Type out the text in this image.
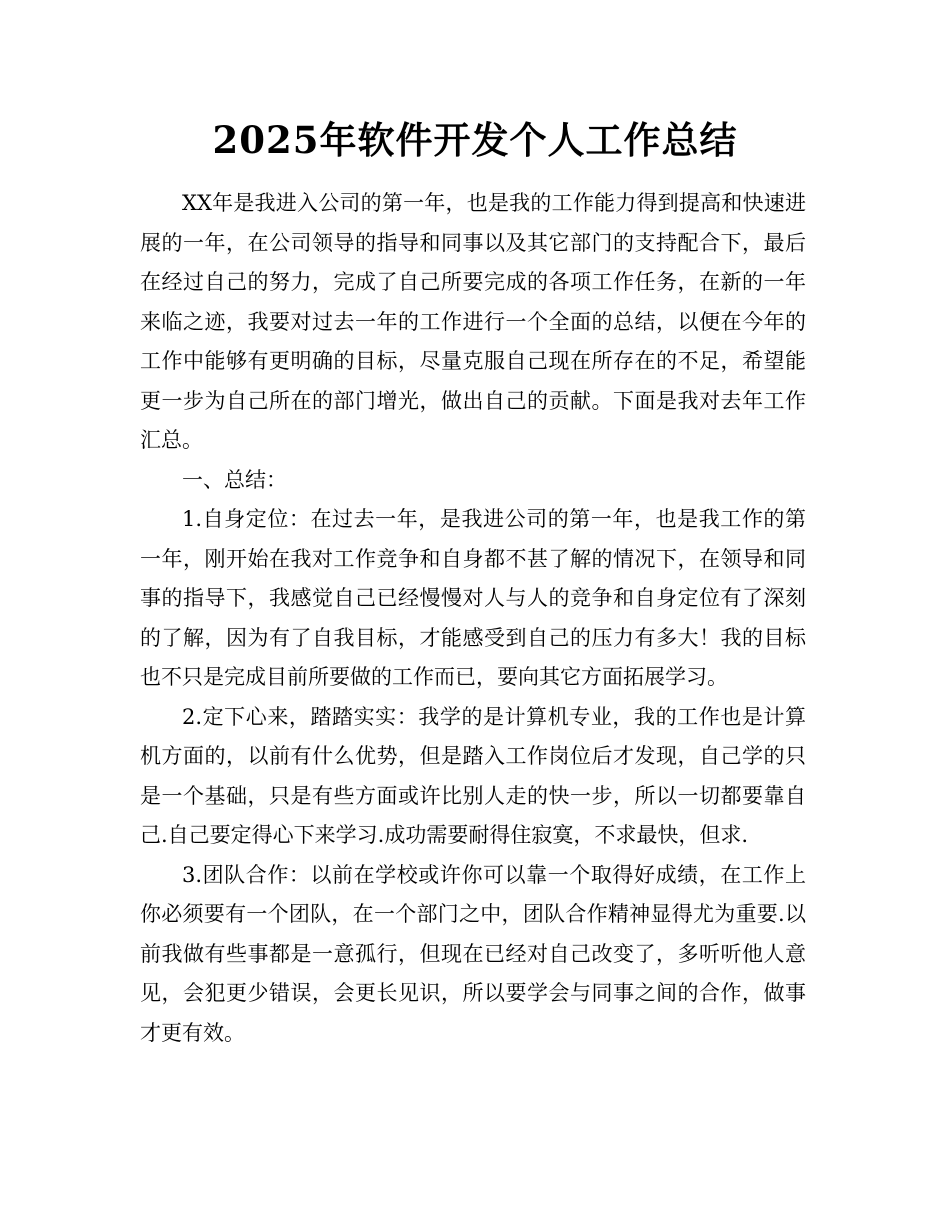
2025年软件开发个人工作总结

XX年是我进入公司的第一年，也是我的工作能力得到提高和快速进展的一年，在公司领导的指导和同事以及其它部门的支持配合下，最后在经过自己的努力，完成了自己所要完成的各项工作任务，在新的一年来临之迹，我要对过去一年的工作进行一个全面的总结，以便在今年的工作中能够有更明确的目标，尽量克服自己现在所存在的不足，希望能更一步为自己所在的部门增光，做出自己的贡献。下面是我对去年工作汇总。

一、总结：

1.自身定位：在过去一年，是我进公司的第一年，也是我工作的第一年，刚开始在我对工作竞争和自身都不甚了解的情况下，在领导和同事的指导下，我感觉自己已经慢慢对人与人的竞争和自身定位有了深刻的了解，因为有了自我目标，才能感受到自己的压力有多大！我的目标也不只是完成目前所要做的工作而已，要向其它方面拓展学习。

2.定下心来，踏踏实实：我学的是计算机专业，我的工作也是计算机方面的，以前有什么优势，但是踏入工作岗位后才发现，自己学的只是一个基础，只是有些方面或许比别人走的快一步，所以一切都要靠自己.自己要定得心下来学习.成功需要耐得住寂寞，不求最快，但求.

3.团队合作：以前在学校或许你可以靠一个取得好成绩，在工作上你必须要有一个团队，在一个部门之中，团队合作精神显得尤为重要.以前我做有些事都是一意孤行，但现在已经对自己改变了，多听听他人意见，会犯更少错误，会更长见识，所以要学会与同事之间的合作，做事才更有效。
